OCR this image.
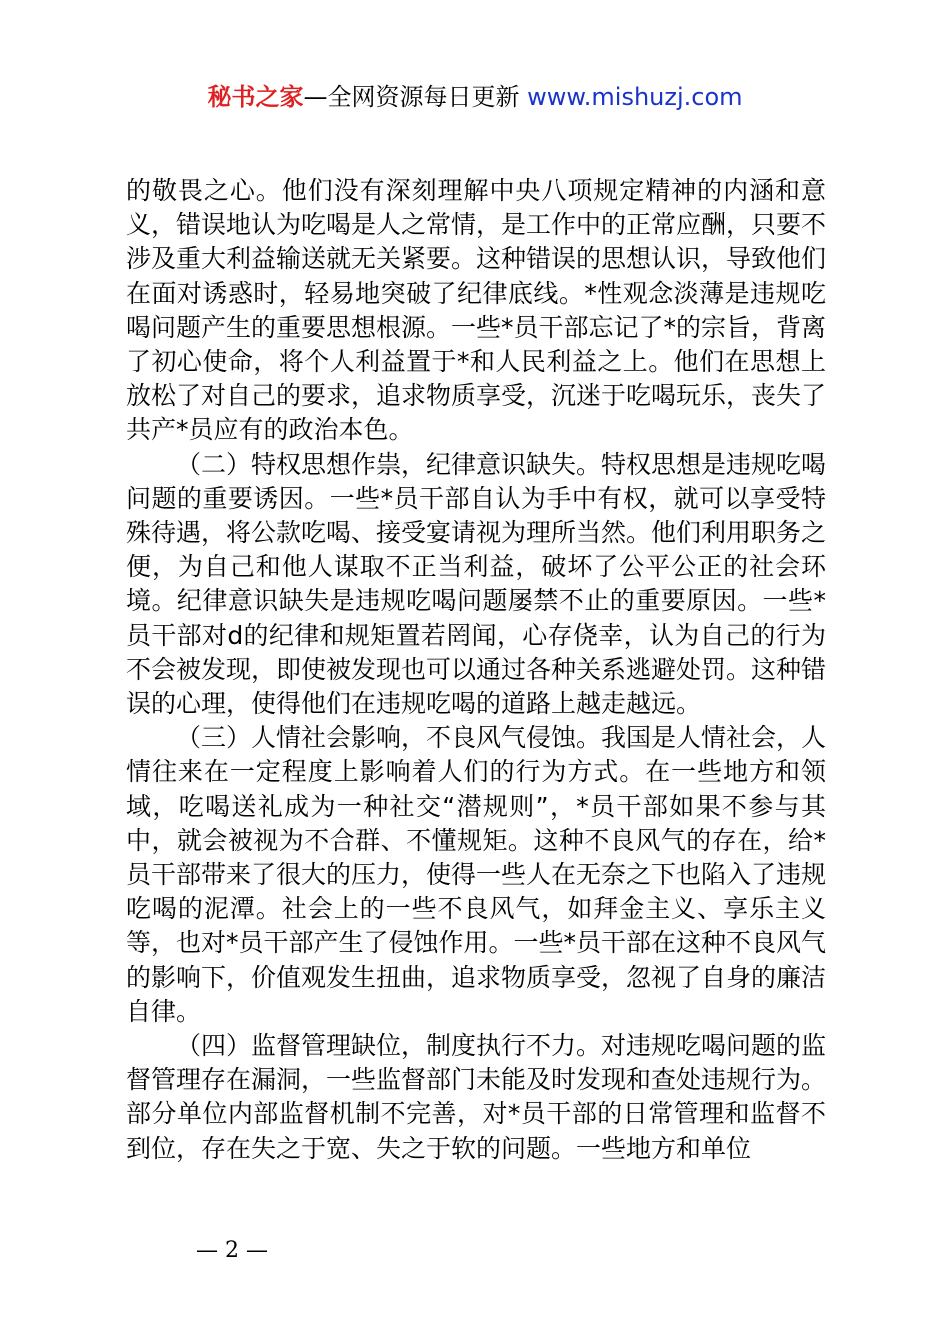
秘书之家—全网资源每日更新 www.mishuzj.com

的敬畏之心。他们没有深刻理解中央八项规定精神的内涵和意义，错误地认为吃喝是人之常情，是工作中的正常应酬，只要不涉及重大利益输送就无关紧要。这种错误的思想认识，导致他们在面对诱惑时，轻易地突破了纪律底线。*性观念淡薄是违规吃喝问题产生的重要思想根源。一些*员干部忘记了*的宗旨，背离了初心使命，将个人利益置于*和人民利益之上。他们在思想上放松了对自己的要求，追求物质享受，沉迷于吃喝玩乐，丧失了共产*员应有的政治本色。

（二）特权思想作祟，纪律意识缺失。特权思想是违规吃喝问题的重要诱因。一些*员干部自认为手中有权，就可以享受特殊待遇，将公款吃喝、接受宴请视为理所当然。他们利用职务之便，为自己和他人谋取不正当利益，破坏了公平公正的社会环境。纪律意识缺失是违规吃喝问题屡禁不止的重要原因。一些*员干部对d的纪律和规矩置若罔闻，心存侥幸，认为自己的行为不会被发现，即使被发现也可以通过各种关系逃避处罚。这种错误的心理，使得他们在违规吃喝的道路上越走越远。

（三）人情社会影响，不良风气侵蚀。我国是人情社会，人情往来在一定程度上影响着人们的行为方式。在一些地方和领域，吃喝送礼成为一种社交“潜规则”，*员干部如果不参与其中，就会被视为不合群、不懂规矩。这种不良风气的存在，给*员干部带来了很大的压力，使得一些人在无奈之下也陷入了违规吃喝的泥潭。社会上的一些不良风气，如拜金主义、享乐主义等，也对*员干部产生了侵蚀作用。一些*员干部在这种不良风气的影响下，价值观发生扭曲，追求物质享受，忽视了自身的廉洁自律。

（四）监督管理缺位，制度执行不力。对违规吃喝问题的监督管理存在漏洞，一些监督部门未能及时发现和查处违规行为。部分单位内部监督机制不完善，对*员干部的日常管理和监督不到位，存在失之于宽、失之于软的问题。一些地方和单位

— 2 —
